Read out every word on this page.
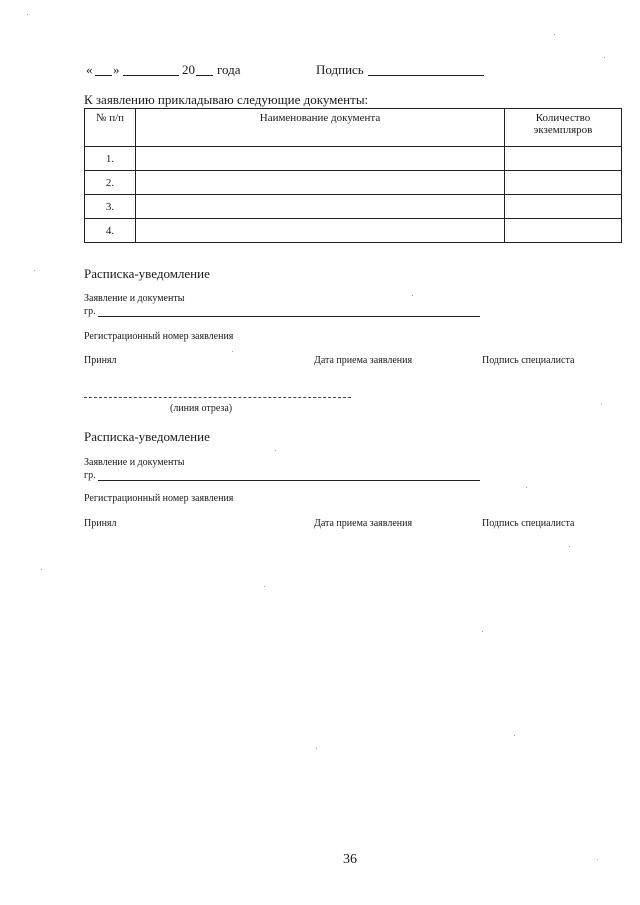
« »	20 года	Подпись
К заявлению прикладываю следующие документы:
№ п/п	Наименование документа	Количество экземпляров
1.		
2.		
3.		
4.		
Расписка-уведомление
Заявление и документы
гр.
Регистрационный номер заявления
Принял	Дата приема заявления	Подпись специалиста
(линия отреза)
Расписка-уведомление
Заявление и документы
гр.
Регистрационный номер заявления
Принял	Дата приема заявления	Подпись специалиста
36
